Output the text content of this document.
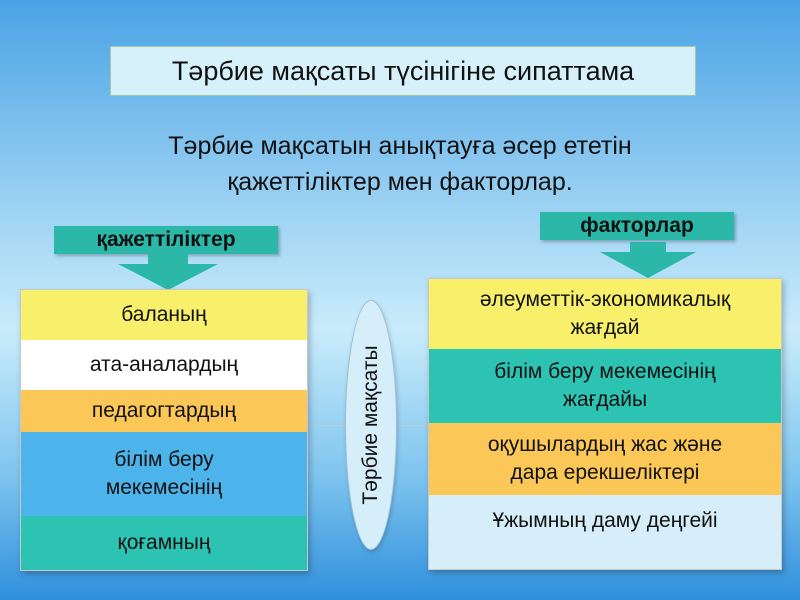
Тәрбие мақсаты түсінігіне сипаттама
Тәрбие мақсатын анықтауға әсер ететін
қажеттіліктер мен факторлар.
қажеттіліктер
факторлар
баланың
ата-аналардың
педагогтардың
білім беру мекемесінің
қоғамның
Тәрбие мақсаты
әлеуметтік-экономикалық
жағдай
білім беру мекемесінің
жағдайы
оқушылардың жас және
дара ерекшеліктері
Ұжымның даму деңгейі
